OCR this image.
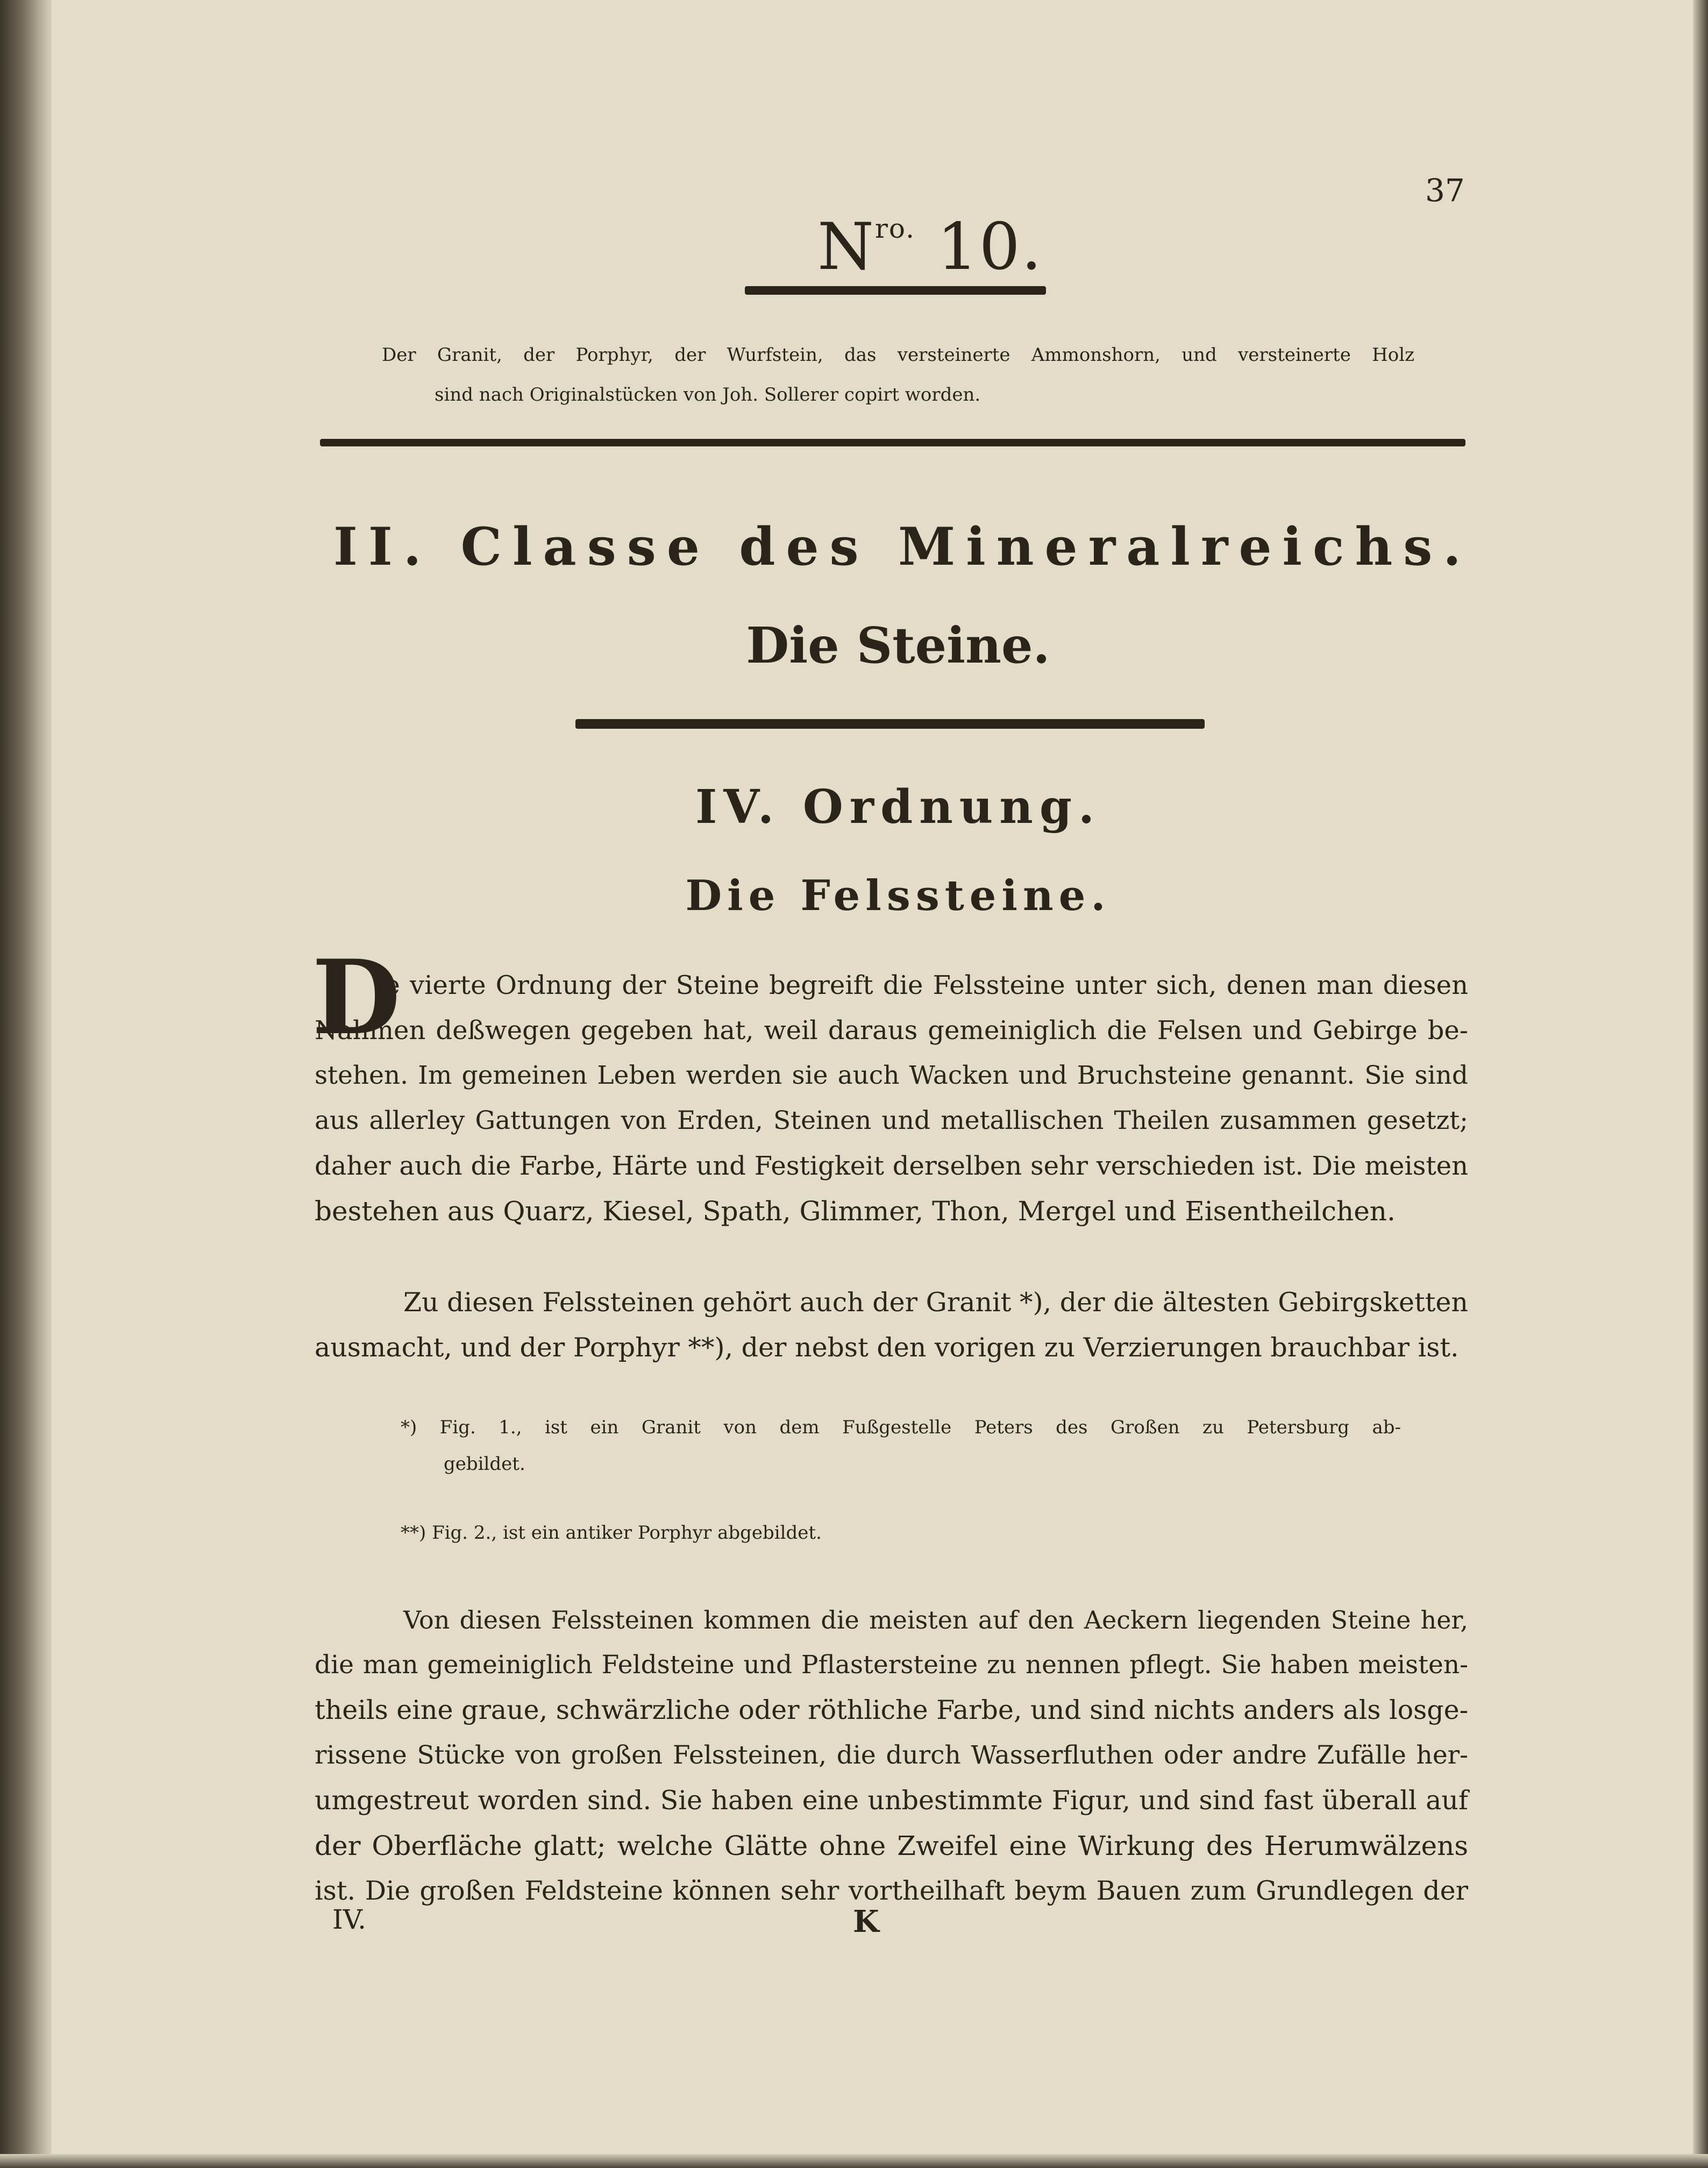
37
$N^{ro.}$ 10.
Der Granit, der Porphyr, der Wurfstein, das versteinerte Ammonshorn, und versteinerte Holz
sind nach Originalstücken von Joh. Sollerer copirt worden.
II. Classe des Mineralreichs.
Die Steine.
IV. Ordnung.
Die Felssteine.
D
ie vierte Ordnung der Steine begreift die Felssteine unter sich, denen man diesen
Nahmen deßwegen gegeben hat, weil daraus gemeiniglich die Felsen und Gebirge be-
stehen. Im gemeinen Leben werden sie auch Wacken und Bruchsteine genannt. Sie sind
aus allerley Gattungen von Erden, Steinen und metallischen Theilen zusammen gesetzt;
daher auch die Farbe, Härte und Festigkeit derselben sehr verschieden ist. Die meisten
bestehen aus Quarz, Kiesel, Spath, Glimmer, Thon, Mergel und Eisentheilchen.
Zu diesen Felssteinen gehört auch der Granit *), der die ältesten Gebirgsketten
ausmacht, und der Porphyr **), der nebst den vorigen zu Verzierungen brauchbar ist.
*) Fig. 1., ist ein Granit von dem Fußgestelle Peters des Großen zu Petersburg ab-
gebildet.
**) Fig. 2., ist ein antiker Porphyr abgebildet.
Von diesen Felssteinen kommen die meisten auf den Aeckern liegenden Steine her,
die man gemeiniglich Feldsteine und Pflastersteine zu nennen pflegt. Sie haben meisten-
theils eine graue, schwärzliche oder röthliche Farbe, und sind nichts anders als losge-
rissene Stücke von großen Felssteinen, die durch Wasserfluthen oder andre Zufälle her-
umgestreut worden sind. Sie haben eine unbestimmte Figur, und sind fast überall auf
der Oberfläche glatt; welche Glätte ohne Zweifel eine Wirkung des Herumwälzens
ist. Die großen Feldsteine können sehr vortheilhaft beym Bauen zum Grundlegen der
IV.	K
